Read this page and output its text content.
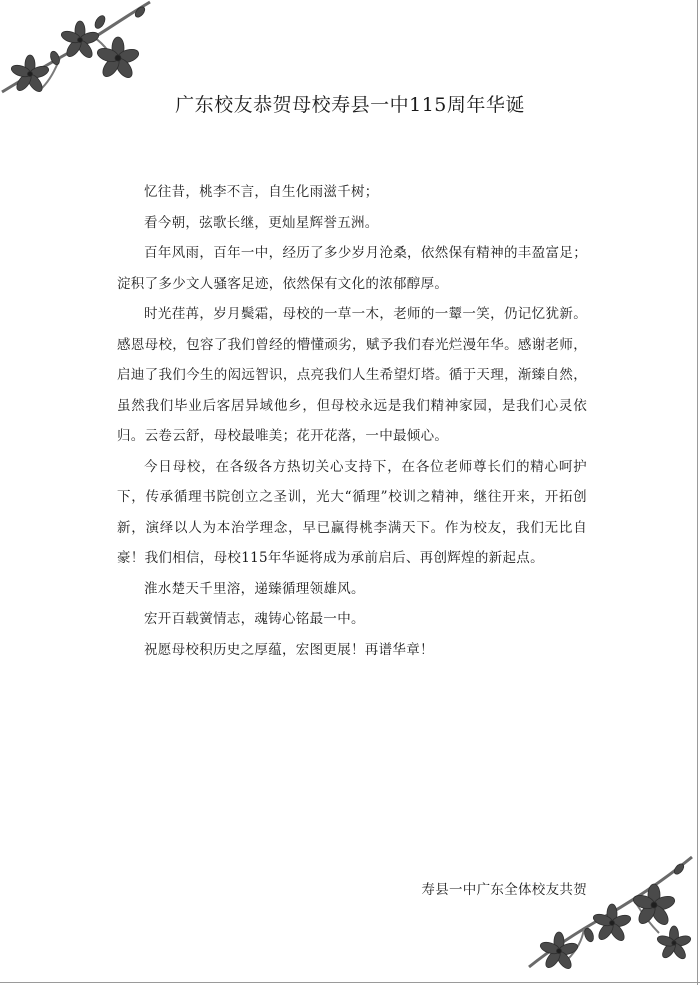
广东校友恭贺母校寿县一中115周年华诞

忆往昔，桃李不言，自生化雨滋千树；

看今朝，弦歌长继，更灿星辉誉五洲。

百年风雨，百年一中，经历了多少岁月沧桑，依然保有精神的丰盈富足；淀积了多少文人骚客足迹，依然保有文化的浓郁醇厚。

时光荏苒，岁月鬓霜，母校的一草一木，老师的一颦一笑，仍记忆犹新。感恩母校，包容了我们曾经的懵懂顽劣，赋予我们春光烂漫年华。感谢老师，启迪了我们今生的闳远智识，点亮我们人生希望灯塔。循于天理，渐臻自然，虽然我们毕业后客居异域他乡，但母校永远是我们精神家园，是我们心灵依归。云卷云舒，母校最唯美；花开花落，一中最倾心。

今日母校，在各级各方热切关心支持下，在各位老师尊长们的精心呵护下，传承循理书院创立之圣训，光大“循理”校训之精神，继往开来，开拓创新，演绎以人为本治学理念，早已赢得桃李满天下。作为校友，我们无比自豪！我们相信，母校115年华诞将成为承前启后、再创辉煌的新起点。

淮水楚天千里溶，递臻循理领雄风。

宏开百载黉情志，魂铸心铭最一中。

祝愿母校积历史之厚蕴，宏图更展！再谱华章！

寿县一中广东全体校友共贺
